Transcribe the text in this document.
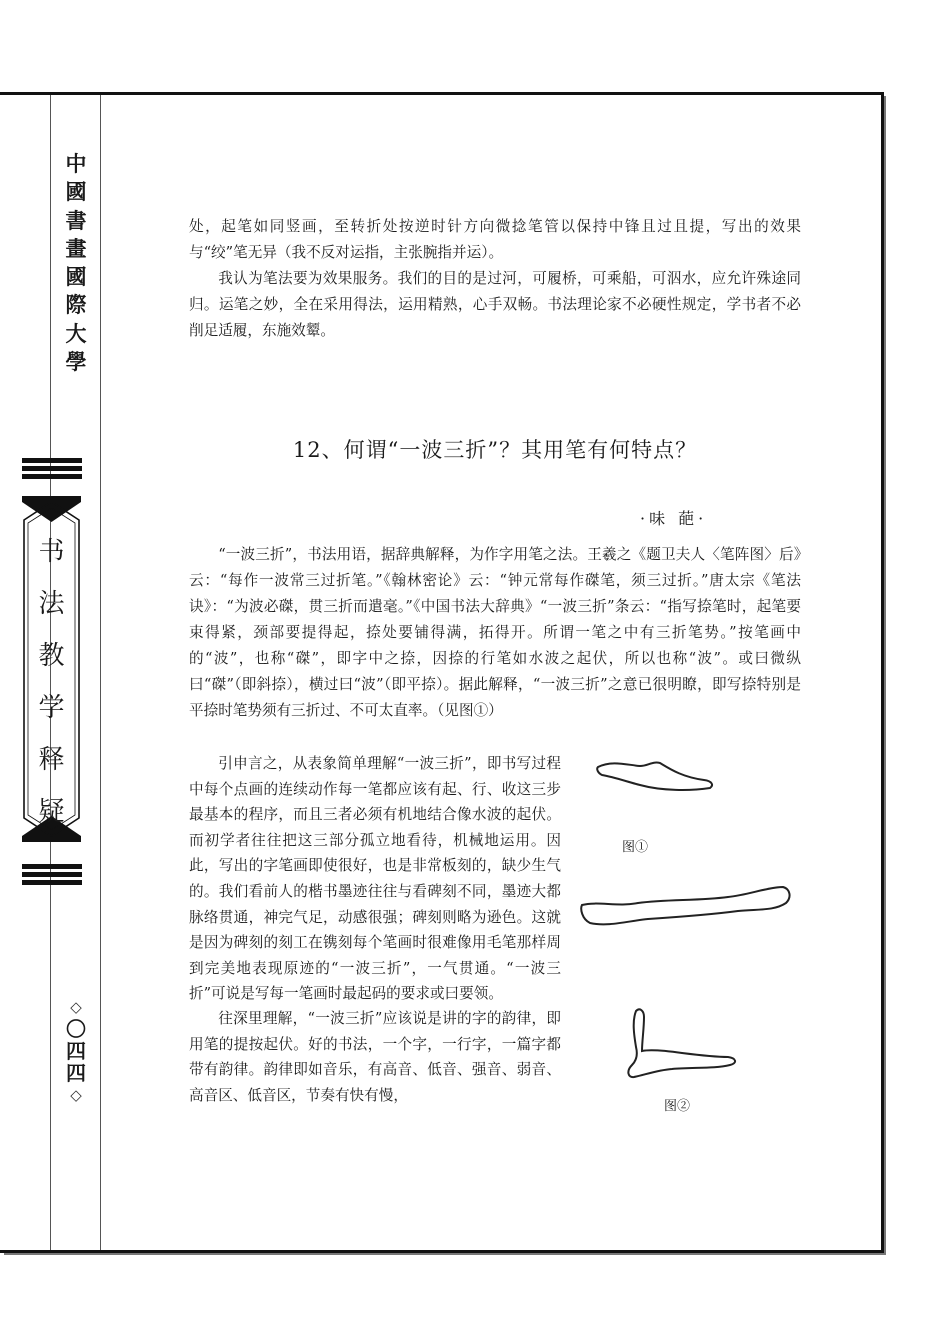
中
國
書
畫
國
際
大
學
书
法
教
学
释
疑
◇
〇
四
四
◇

处，起笔如同竖画，至转折处按逆时针方向微捻笔管以保持中锋且过且提，写出的效果与“绞”笔无异（我不反对运指，主张腕指并运）。

我认为笔法要为效果服务。我们的目的是过河，可履桥，可乘船，可泅水，应允许殊途同归。运笔之妙，全在采用得法，运用精熟，心手双畅。书法理论家不必硬性规定，学书者不必削足适履，东施效颦。

12、何谓“一波三折”？其用笔有何特点？
·味 葩·

“一波三折”，书法用语，据辞典解释，为作字用笔之法。王羲之《题卫夫人〈笔阵图〉后》云：“每作一波常三过折笔。”《翰林密论》云：“钟元常每作磔笔，须三过折。”唐太宗《笔法诀》：“为波必磔，贯三折而遣毫。”《中国书法大辞典》“一波三折”条云：“指写捺笔时，起笔要束得紧，颈部要提得起，捺处要铺得满，拓得开。所谓一笔之中有三折笔势。”按笔画中的“波”，也称“磔”，即字中之捺，因捺的行笔如水波之起伏，所以也称“波”。或曰微纵曰“磔”（即斜捺），横过曰“波”（即平捺）。据此解释，“一波三折”之意已很明瞭，即写捺特别是平捺时笔势须有三折过、不可太直率。（见图①）

引申言之，从表象简单理解“一波三折”，即书写过程中每个点画的连续动作每一笔都应该有起、行、收这三步最基本的程序，而且三者必须有机地结合像水波的起伏。而初学者往往把这三部分孤立地看待，机械地运用。因此，写出的字笔画即使很好，也是非常板刻的，缺少生气的。我们看前人的楷书墨迹往往与看碑刻不同，墨迹大都脉络贯通，神完气足，动感很强；碑刻则略为逊色。这就是因为碑刻的刻工在镌刻每个笔画时很难像用毛笔那样周到完美地表现原迹的“一波三折”，一气贯通。“一波三折”可说是写每一笔画时最起码的要求或曰要领。

往深里理解，“一波三折”应该说是讲的字的韵律，即用笔的提按起伏。好的书法，一个字，一行字，一篇字都带有韵律。韵律即如音乐，有高音、低音、强音、弱音、高音区、低音区，节奏有快有慢，

图①
图②
